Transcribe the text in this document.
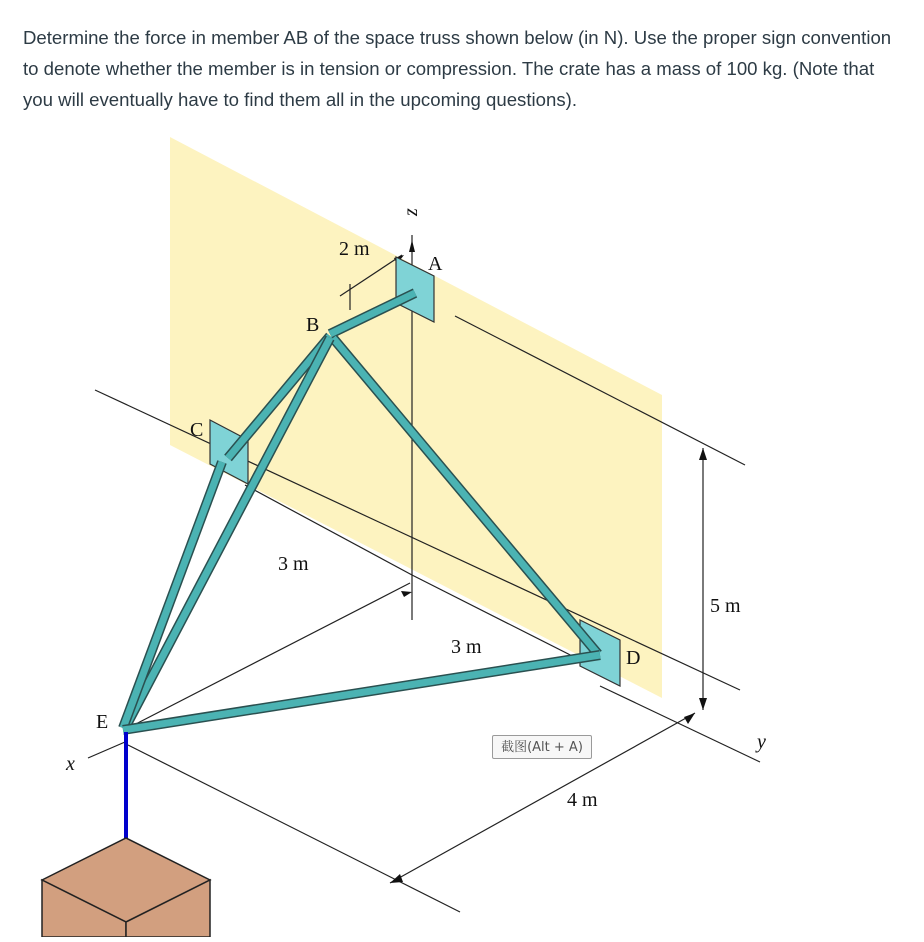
Determine the force in member AB of the space truss shown below (in N). Use the proper sign convention to denote whether the member is in tension or compression. The crate has a mass of 100 kg. (Note that you will eventually have to find them all in the upcoming questions).
A
B
C
D
E
x
y
z
2 m
3 m
3 m
4 m
5 m
截图(Alt + A)
